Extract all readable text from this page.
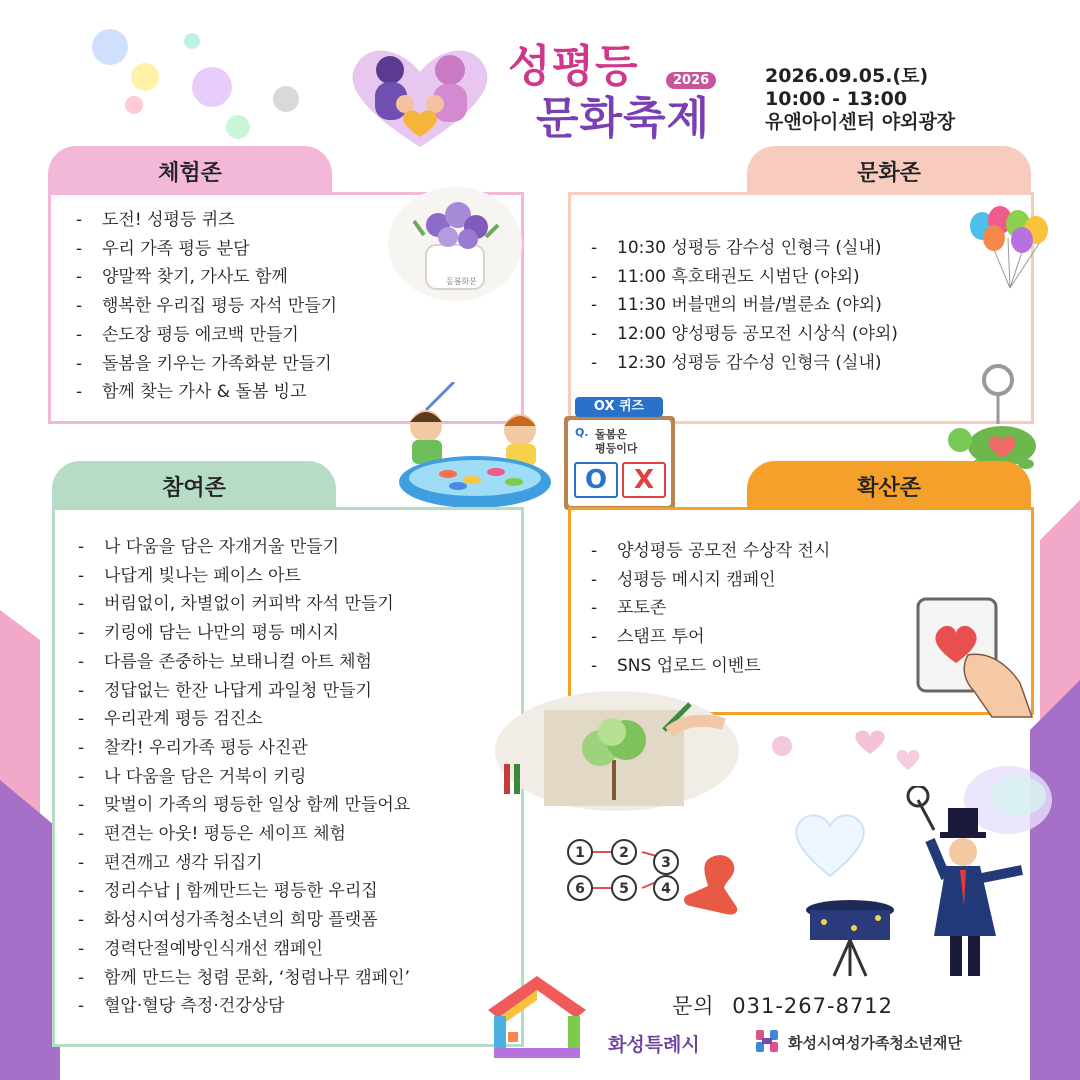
성평등	2026
문화축제
2026.09.05.(토)
10:00 - 13:00
유앤아이센터 야외광장
체험존
- 도전! 성평등 퀴즈
- 우리 가족 평등 분담
- 양말짝 찾기, 가사도 함께
- 행복한 우리집 평등 자석 만들기
- 손도장 평등 에코백 만들기
- 돌봄을 키우는 가족화분 만들기
- 함께 찾는 가사 & 돌봄 빙고
돌봄화분
문화존
- 10:30 성평등 감수성 인형극 (실내)
- 11:00 흑호태권도 시범단 (야외)
- 11:30 버블맨의 버블/벌룬쇼 (야외)
- 12:00 양성평등 공모전 시상식 (야외)
- 12:30 성평등 감수성 인형극 (실내)
OX 퀴즈
Q. 돌봄은
평등이다
O X
참여존
- 나 다움을 담은 자개거울 만들기
- 나답게 빛나는 페이스 아트
- 버림없이, 차별없이 커피박 자석 만들기
- 키링에 담는 나만의 평등 메시지
- 다름을 존중하는 보태니컬 아트 체험
- 정답없는 한잔 나답게 과일청 만들기
- 우리관계 평등 검진소
- 찰칵! 우리가족 평등 사진관
- 나 다움을 담은 거북이 키링
- 맞벌이 가족의 평등한 일상 함께 만들어요
- 편견는 아웃! 평등은 세이프 체험
- 편견깨고 생각 뒤집기
- 정리수납 | 함께만드는 평등한 우리집
- 화성시여성가족청소년의 희망 플랫폼
- 경력단절예방인식개선 캠페인
- 함께 만드는 청렴 문화, ‘청렴나무 캠페인’
- 혈압·혈당 측정·건강상담
확산존
- 양성평등 공모전 수상작 전시
- 성평등 메시지 캠페인
- 포토존
- 스탬프 투어
- SNS 업로드 이벤트
1 2
3
6 5 4
문의 031-267-8712
화성특례시	화성시여성가족청소년재단
